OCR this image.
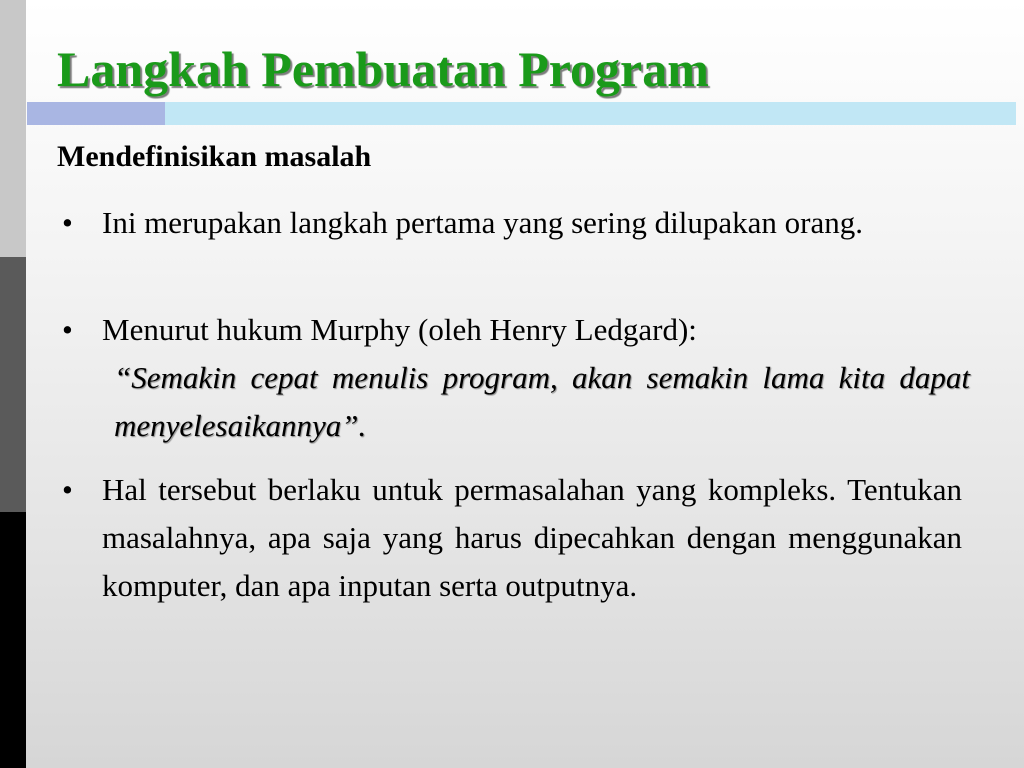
Langkah Pembuatan Program
Mendefinisikan masalah
• Ini merupakan langkah pertama yang sering dilupakan orang.
• Menurut hukum Murphy (oleh Henry Ledgard):
“Semakin cepat menulis program, akan semakin lama kita dapat menyelesaikannya”.
• Hal tersebut berlaku untuk permasalahan yang kompleks. Tentukan masalahnya, apa saja yang harus dipecahkan dengan menggunakan komputer, dan apa inputan serta outputnya.
